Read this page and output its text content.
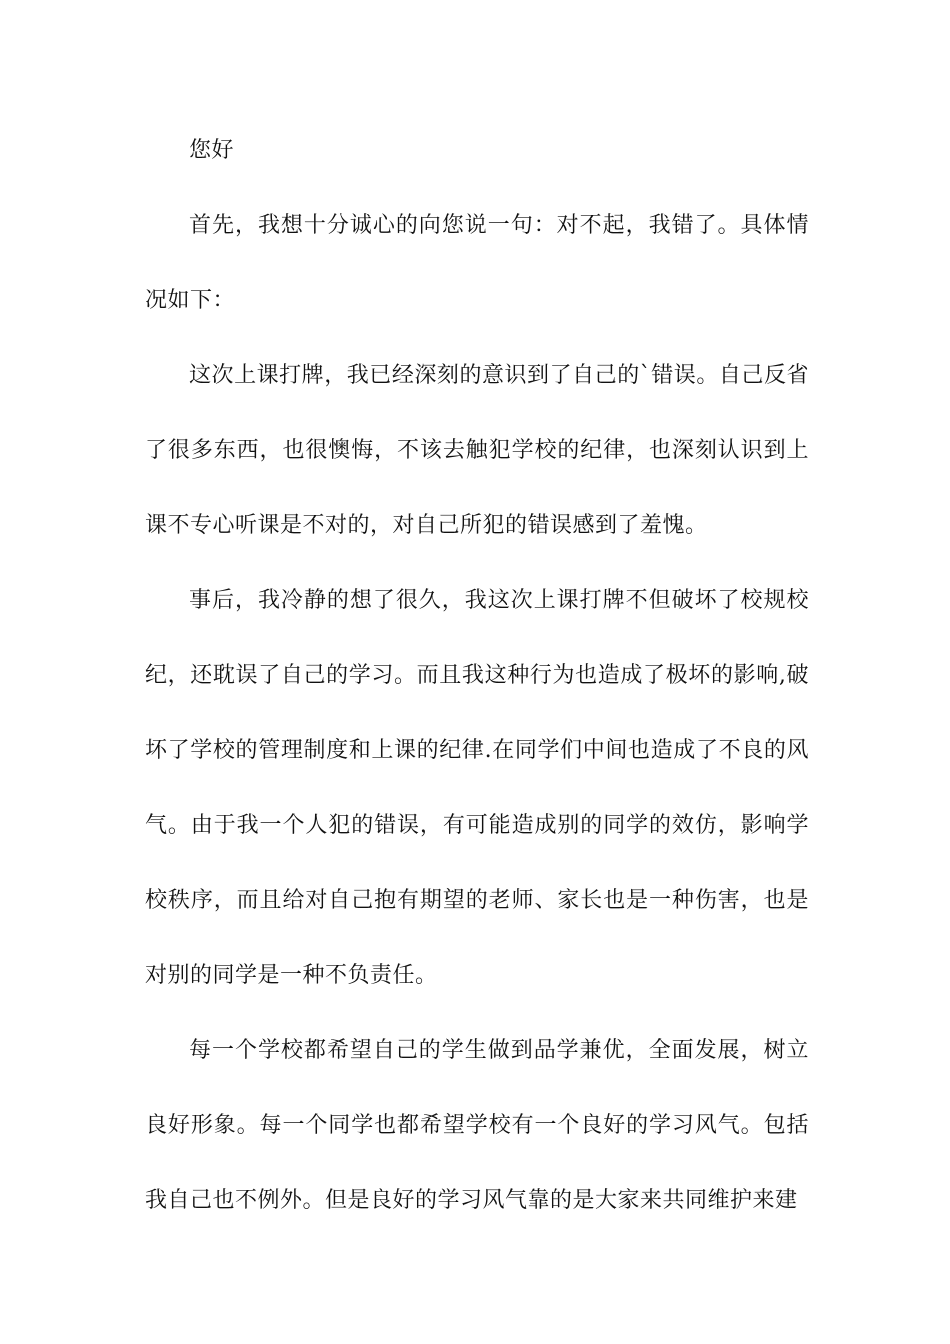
您好

首先，我想十分诚心的向您说一句：对不起，我错了。具体情况如下：

这次上课打牌，我已经深刻的意识到了自己的`错误。自己反省了很多东西，也很懊悔，不该去触犯学校的纪律，也深刻认识到上课不专心听课是不对的，对自己所犯的错误感到了羞愧。

事后，我冷静的想了很久，我这次上课打牌不但破坏了校规校纪，还耽误了自己的学习。而且我这种行为也造成了极坏的影响,破坏了学校的管理制度和上课的纪律.在同学们中间也造成了不良的风气。由于我一个人犯的错误，有可能造成别的同学的效仿，影响学校秩序，而且给对自己抱有期望的老师、家长也是一种伤害，也是对别的同学是一种不负责任。

每一个学校都希望自己的学生做到品学兼优，全面发展，树立良好形象。每一个同学也都希望学校有一个良好的学习风气。包括我自己也不例外。但是良好的学习风气靠的是大家来共同维护来建
